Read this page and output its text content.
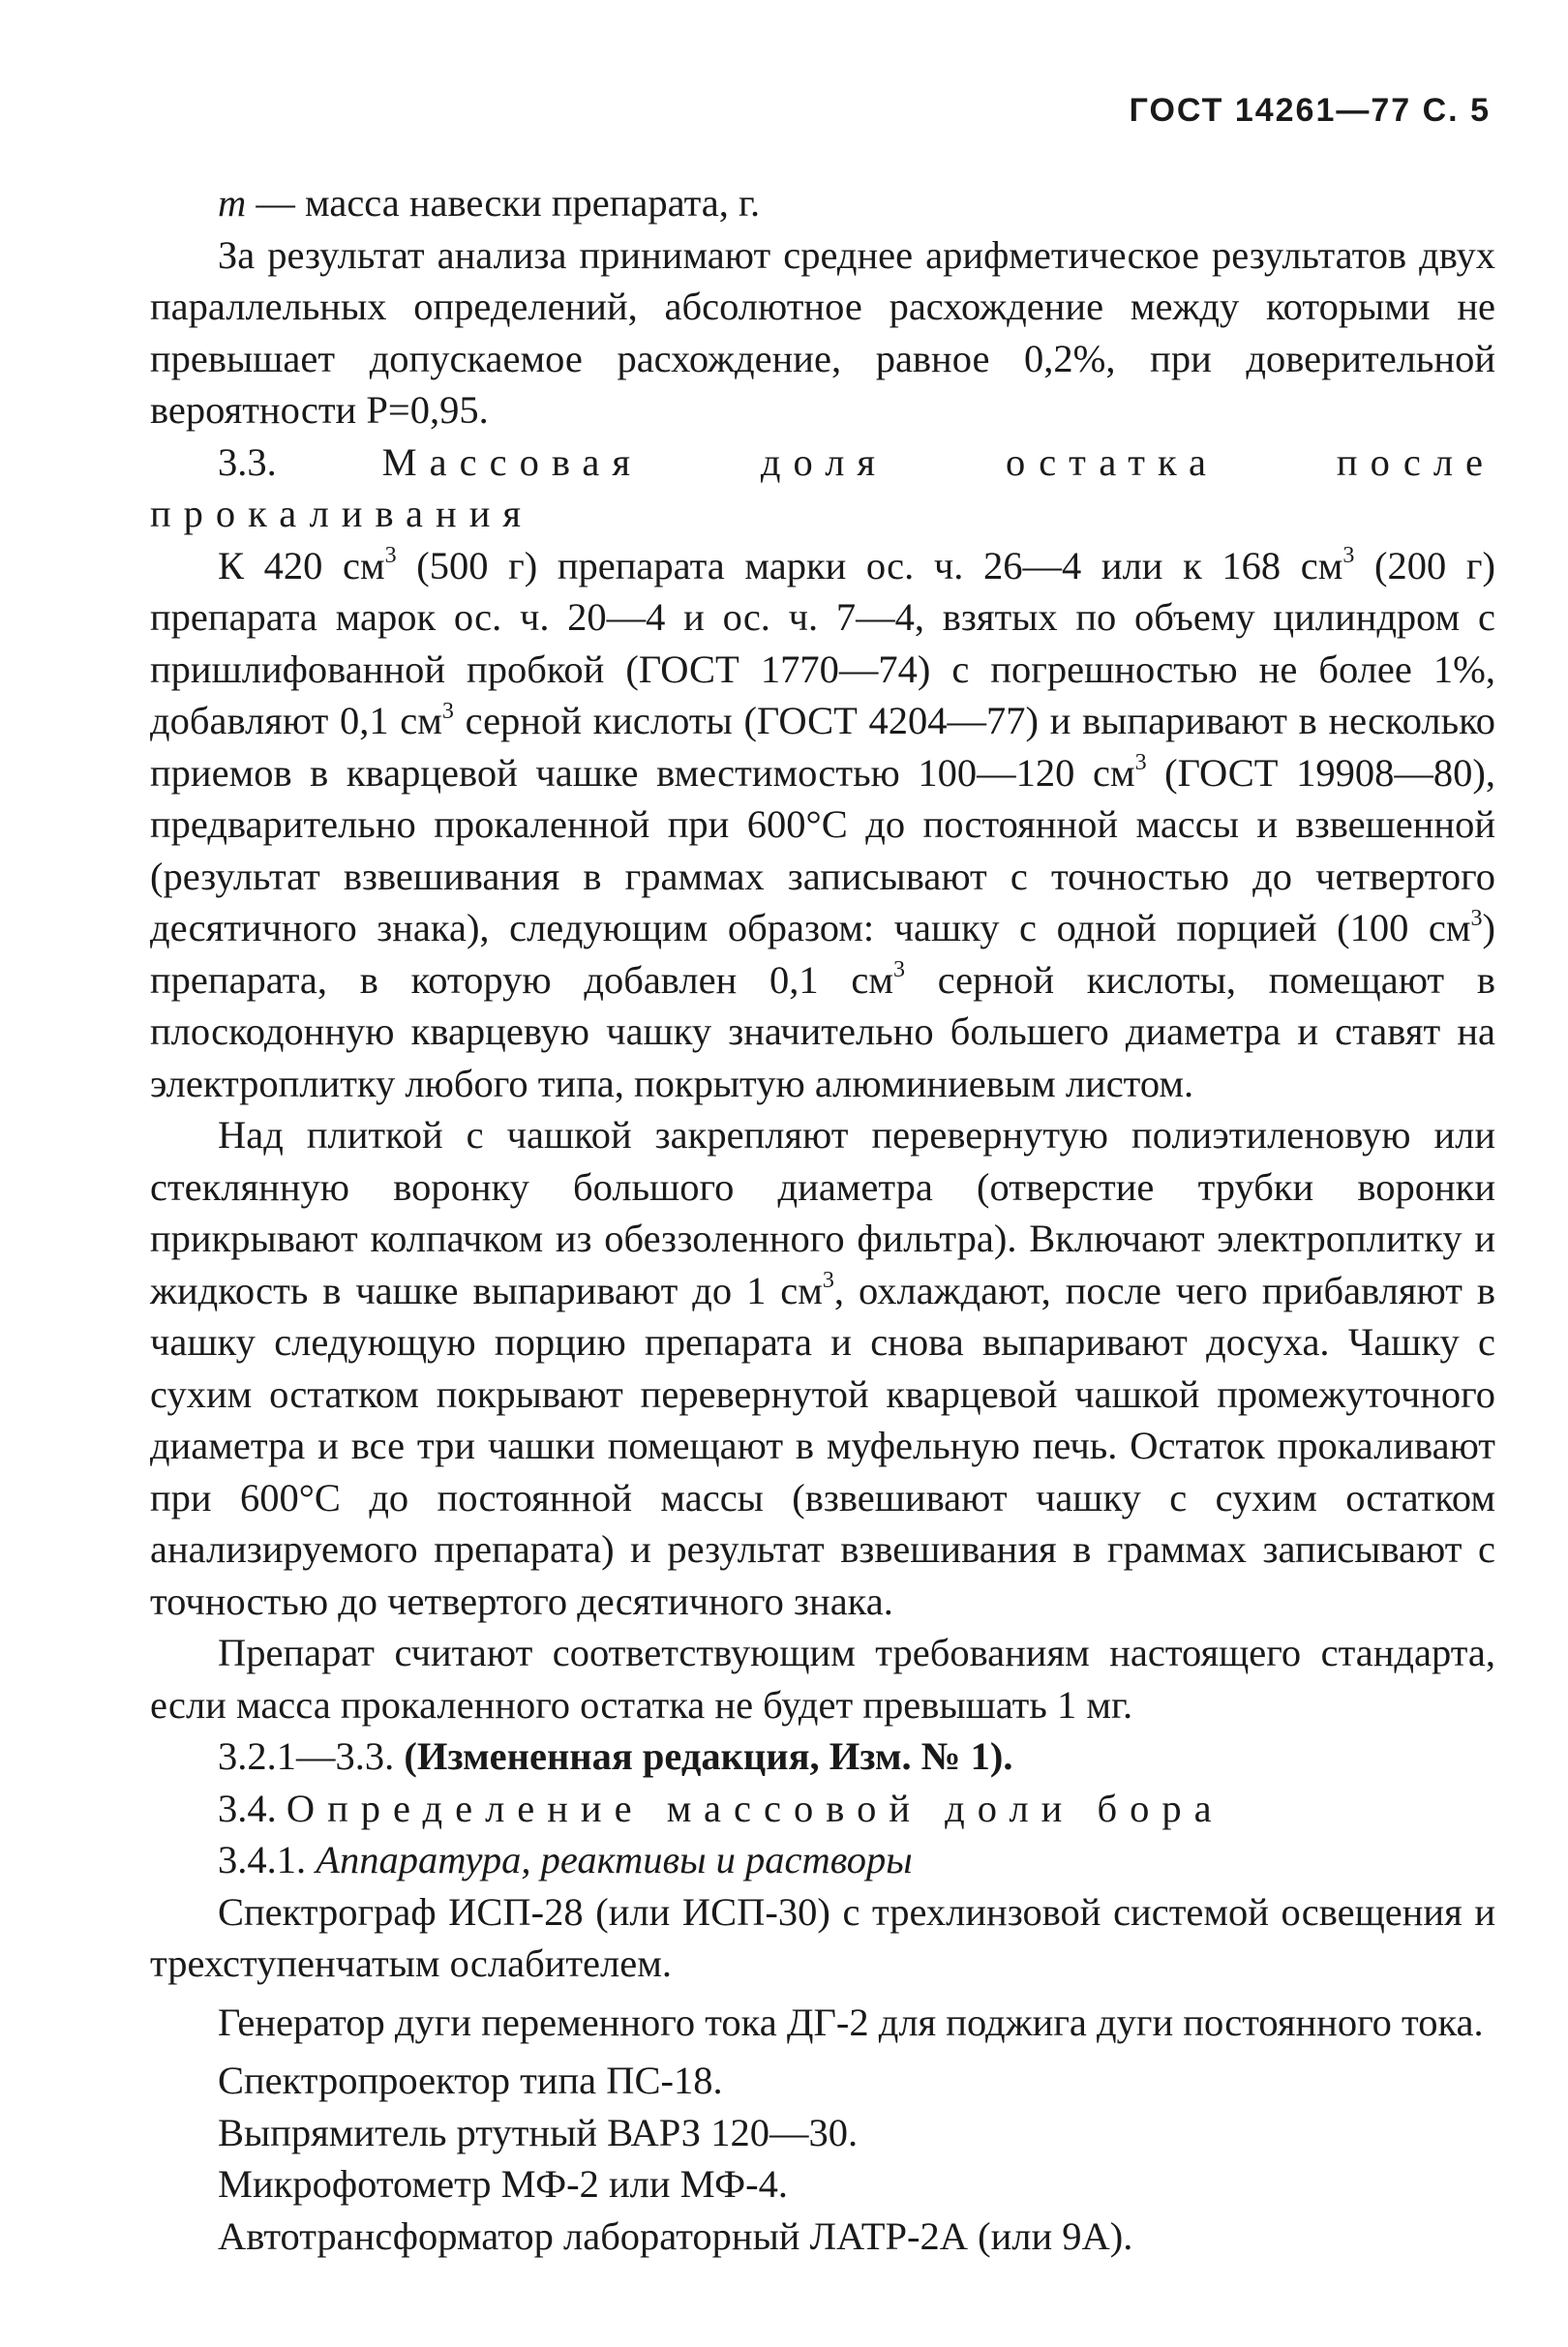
ГОСТ 14261—77 С. 5

m — масса навески препарата, г.

За результат анализа принимают среднее арифметическое результатов двух параллельных определений, абсолютное расхождение между которыми не превышает допускаемое расхождение, равное 0,2%, при доверительной вероятности Р=0,95.

3.3. Массовая доля остатка после прокаливания

К 420 $см^3$ (500 г) препарата марки ос. ч. 26—4 или к 168 $см^3$ (200 г) препарата марок ос. ч. 20—4 и ос. ч. 7—4, взятых по объему цилиндром с пришлифованной пробкой (ГОСТ 1770—74) с погрешностью не более 1%, добавляют 0,1 $см^3$ серной кислоты (ГОСТ 4204—77) и выпаривают в несколько приемов в кварцевой чашке вместимостью 100—120 $см^3$ (ГОСТ 19908—80), предварительно прокаленной при 600°С до постоянной массы и взвешенной (результат взвешивания в граммах записывают с точностью до четвертого десятичного знака), следующим образом: чашку с одной порцией (100 $см^3$) препарата, в которую добавлен 0,1 $см^3$ серной кислоты, помещают в плоскодонную кварцевую чашку значительно большего диаметра и ставят на электроплитку любого типа, покрытую алюминиевым листом.

Над плиткой с чашкой закрепляют перевернутую полиэтиленовую или стеклянную воронку большого диаметра (отверстие трубки воронки прикрывают колпачком из обеззоленного фильтра). Включают электроплитку и жидкость в чашке выпаривают до 1 $см^3$, охлаждают, после чего прибавляют в чашку следующую порцию препарата и снова выпаривают досуха. Чашку с сухим остатком покрывают перевернутой кварцевой чашкой промежуточного диаметра и все три чашки помещают в муфельную печь. Остаток прокаливают при 600°С до постоянной массы (взвешивают чашку с сухим остатком анализируемого препарата) и результат взвешивания в граммах записывают с точностью до четвертого десятичного знака.

Препарат считают соответствующим требованиям настоящего стандарта, если масса прокаленного остатка не будет превышать 1 мг.

3.2.1—3.3. (Измененная редакция, Изм. № 1).

3.4. Определение массовой доли бора

3.4.1. Аппаратура, реактивы и растворы

Спектрограф ИСП-28 (или ИСП-30) с трехлинзовой системой освещения и трехступенчатым ослабителем.

Генератор дуги переменного тока ДГ-2 для поджига дуги постоянного тока.

Спектропроектор типа ПС-18.

Выпрямитель ртутный ВАРЗ 120—30.

Микрофотометр МФ-2 или МФ-4.

Автотрансформатор лабораторный ЛАТР-2А (или 9А).
